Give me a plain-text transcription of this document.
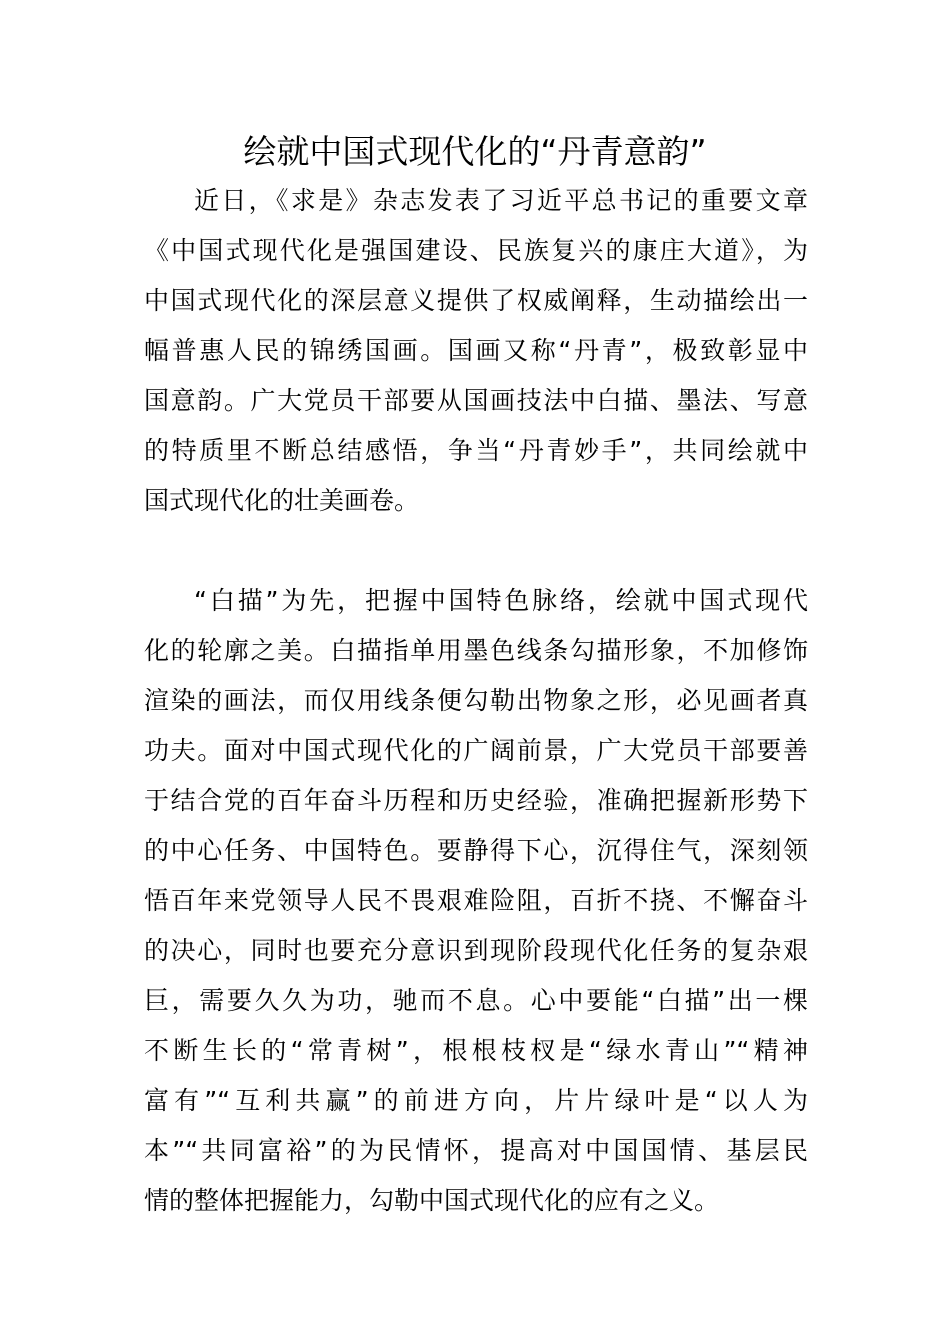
绘就中国式现代化的“丹青意韵”
近日，《求是》杂志发表了习近平总书记的重要文章
《中国式现代化是强国建设、民族复兴的康庄大道》，为
中国式现代化的深层意义提供了权威阐释，生动描绘出一
幅普惠人民的锦绣国画。国画又称“丹青”，极致彰显中
国意韵。广大党员干部要从国画技法中白描、墨法、写意
的特质里不断总结感悟，争当“丹青妙手”，共同绘就中
国式现代化的壮美画卷。
“白描”为先，把握中国特色脉络，绘就中国式现代
化的轮廓之美。白描指单用墨色线条勾描形象，不加修饰
渲染的画法，而仅用线条便勾勒出物象之形，必见画者真
功夫。面对中国式现代化的广阔前景，广大党员干部要善
于结合党的百年奋斗历程和历史经验，准确把握新形势下
的中心任务、中国特色。要静得下心，沉得住气，深刻领
悟百年来党领导人民不畏艰难险阻，百折不挠、不懈奋斗
的决心，同时也要充分意识到现阶段现代化任务的复杂艰
巨，需要久久为功，驰而不息。心中要能“白描”出一棵
不断生长的“常青树”，根根枝杈是“绿水青山”“精神
富有”“互利共赢”的前进方向，片片绿叶是“以人为
本”“共同富裕”的为民情怀，提高对中国国情、基层民
情的整体把握能力，勾勒中国式现代化的应有之义。
